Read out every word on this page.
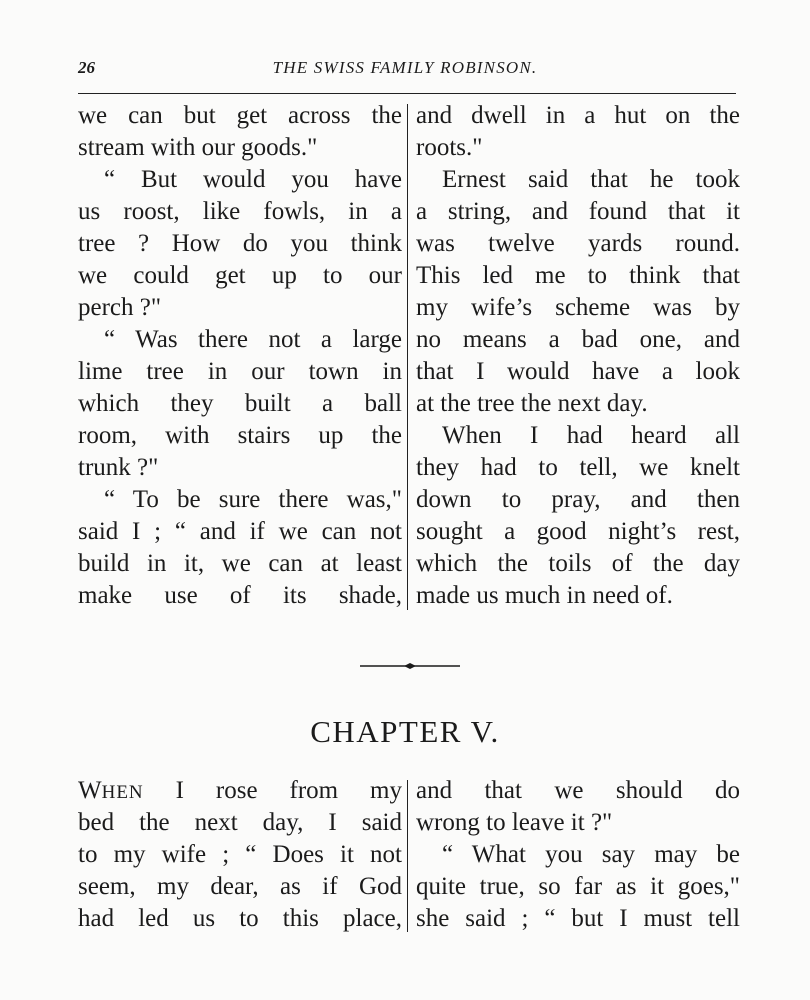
26	THE SWISS FAMILY ROBINSON.
we can but get across the
stream with our goods."
“ But would you have
us roost, like fowls, in a
tree ? How do you think
we could get up to our
perch ?"
“ Was there not a large
lime tree in our town in
which they built a ball
room, with stairs up the
trunk ?"
“ To be sure there was,"
said I ; “ and if we can not
build in it, we can at least
make use of its shade,
and dwell in a hut on the
roots."
Ernest said that he took
a string, and found that it
was twelve yards round.
This led me to think that
my wife’s scheme was by
no means a bad one, and
that I would have a look
at the tree the next day.
When I had heard all
they had to tell, we knelt
down to pray, and then
sought a good night’s rest,
which the toils of the day
made us much in need of.
CHAPTER V.
WHEN I rose from my
bed the next day, I said
to my wife ; “ Does it not
seem, my dear, as if God
had led us to this place,
and that we should do
wrong to leave it ?"
“ What you say may be
quite true, so far as it goes,"
she said ; “ but I must tell
